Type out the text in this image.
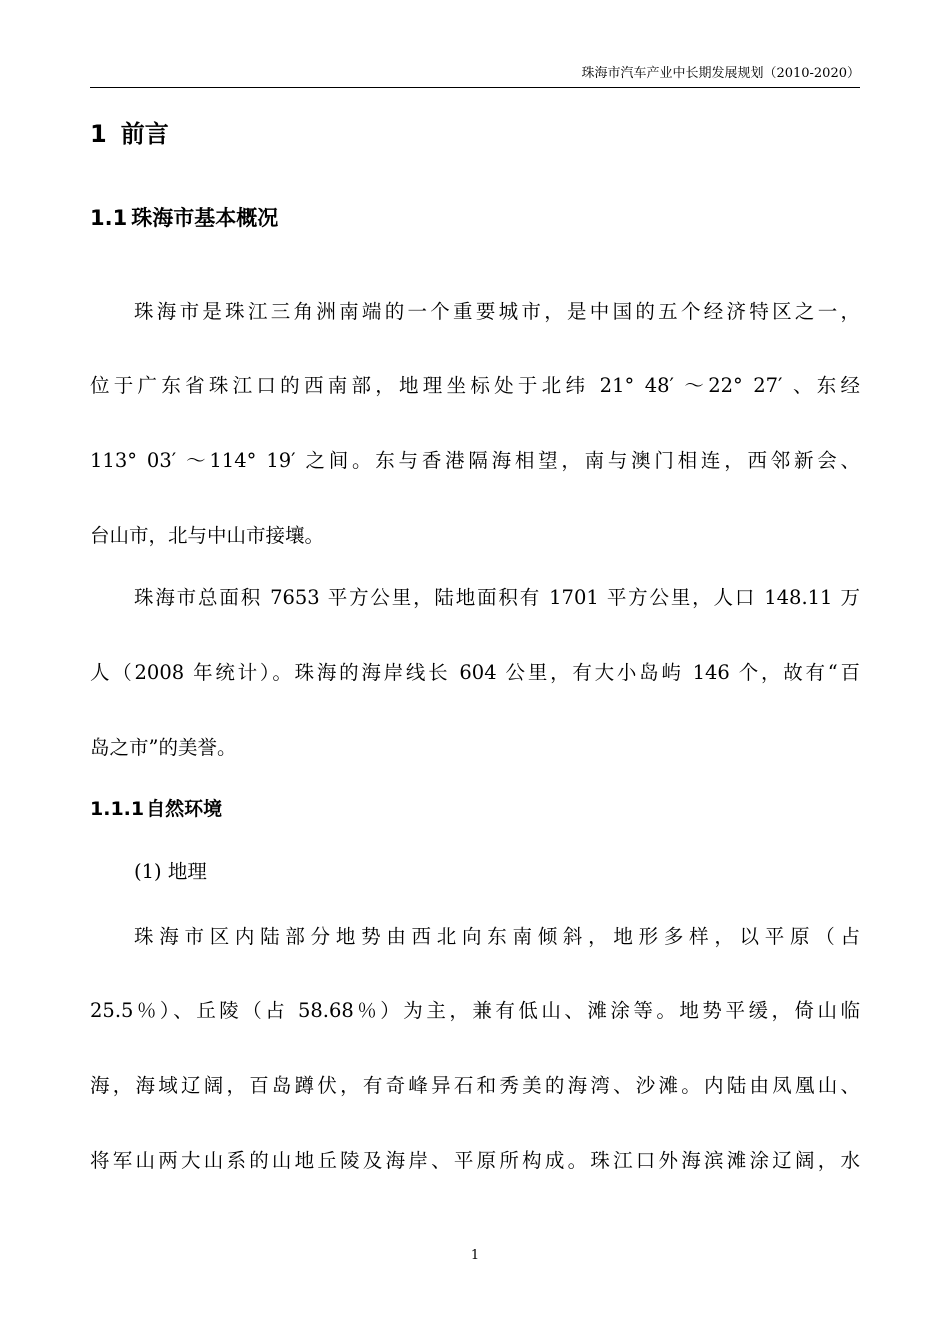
珠海市汽车产业中长期发展规划（2010-2020）
1 前言
1.1 珠海市基本概况
珠海市是珠江三角洲南端的一个重要城市，是中国的五个经济特区之一，
位于广东省珠江口的西南部，地理坐标处于北纬 21° 48′ ～22° 27′ 、东经
113° 03′ ～114° 19′ 之间。东与香港隔海相望，南与澳门相连，西邻新会、
台山市，北与中山市接壤。
珠海市总面积 7653 平方公里，陆地面积有 1701 平方公里，人口 148.11 万
人（2008 年统计）。珠海的海岸线长 604 公里，有大小岛屿 146 个，故有“百
岛之市”的美誉。
1.1.1 自然环境
(1) 地理
珠海市区内陆部分地势由西北向东南倾斜，地形多样，以平原（占
25.5％）、丘陵（占 58.68％）为主，兼有低山、滩涂等。地势平缓，倚山临
海，海域辽阔，百岛蹲伏，有奇峰异石和秀美的海湾、沙滩。内陆由凤凰山、
将军山两大山系的山地丘陵及海岸、平原所构成。珠江口外海滨滩涂辽阔，水
1
